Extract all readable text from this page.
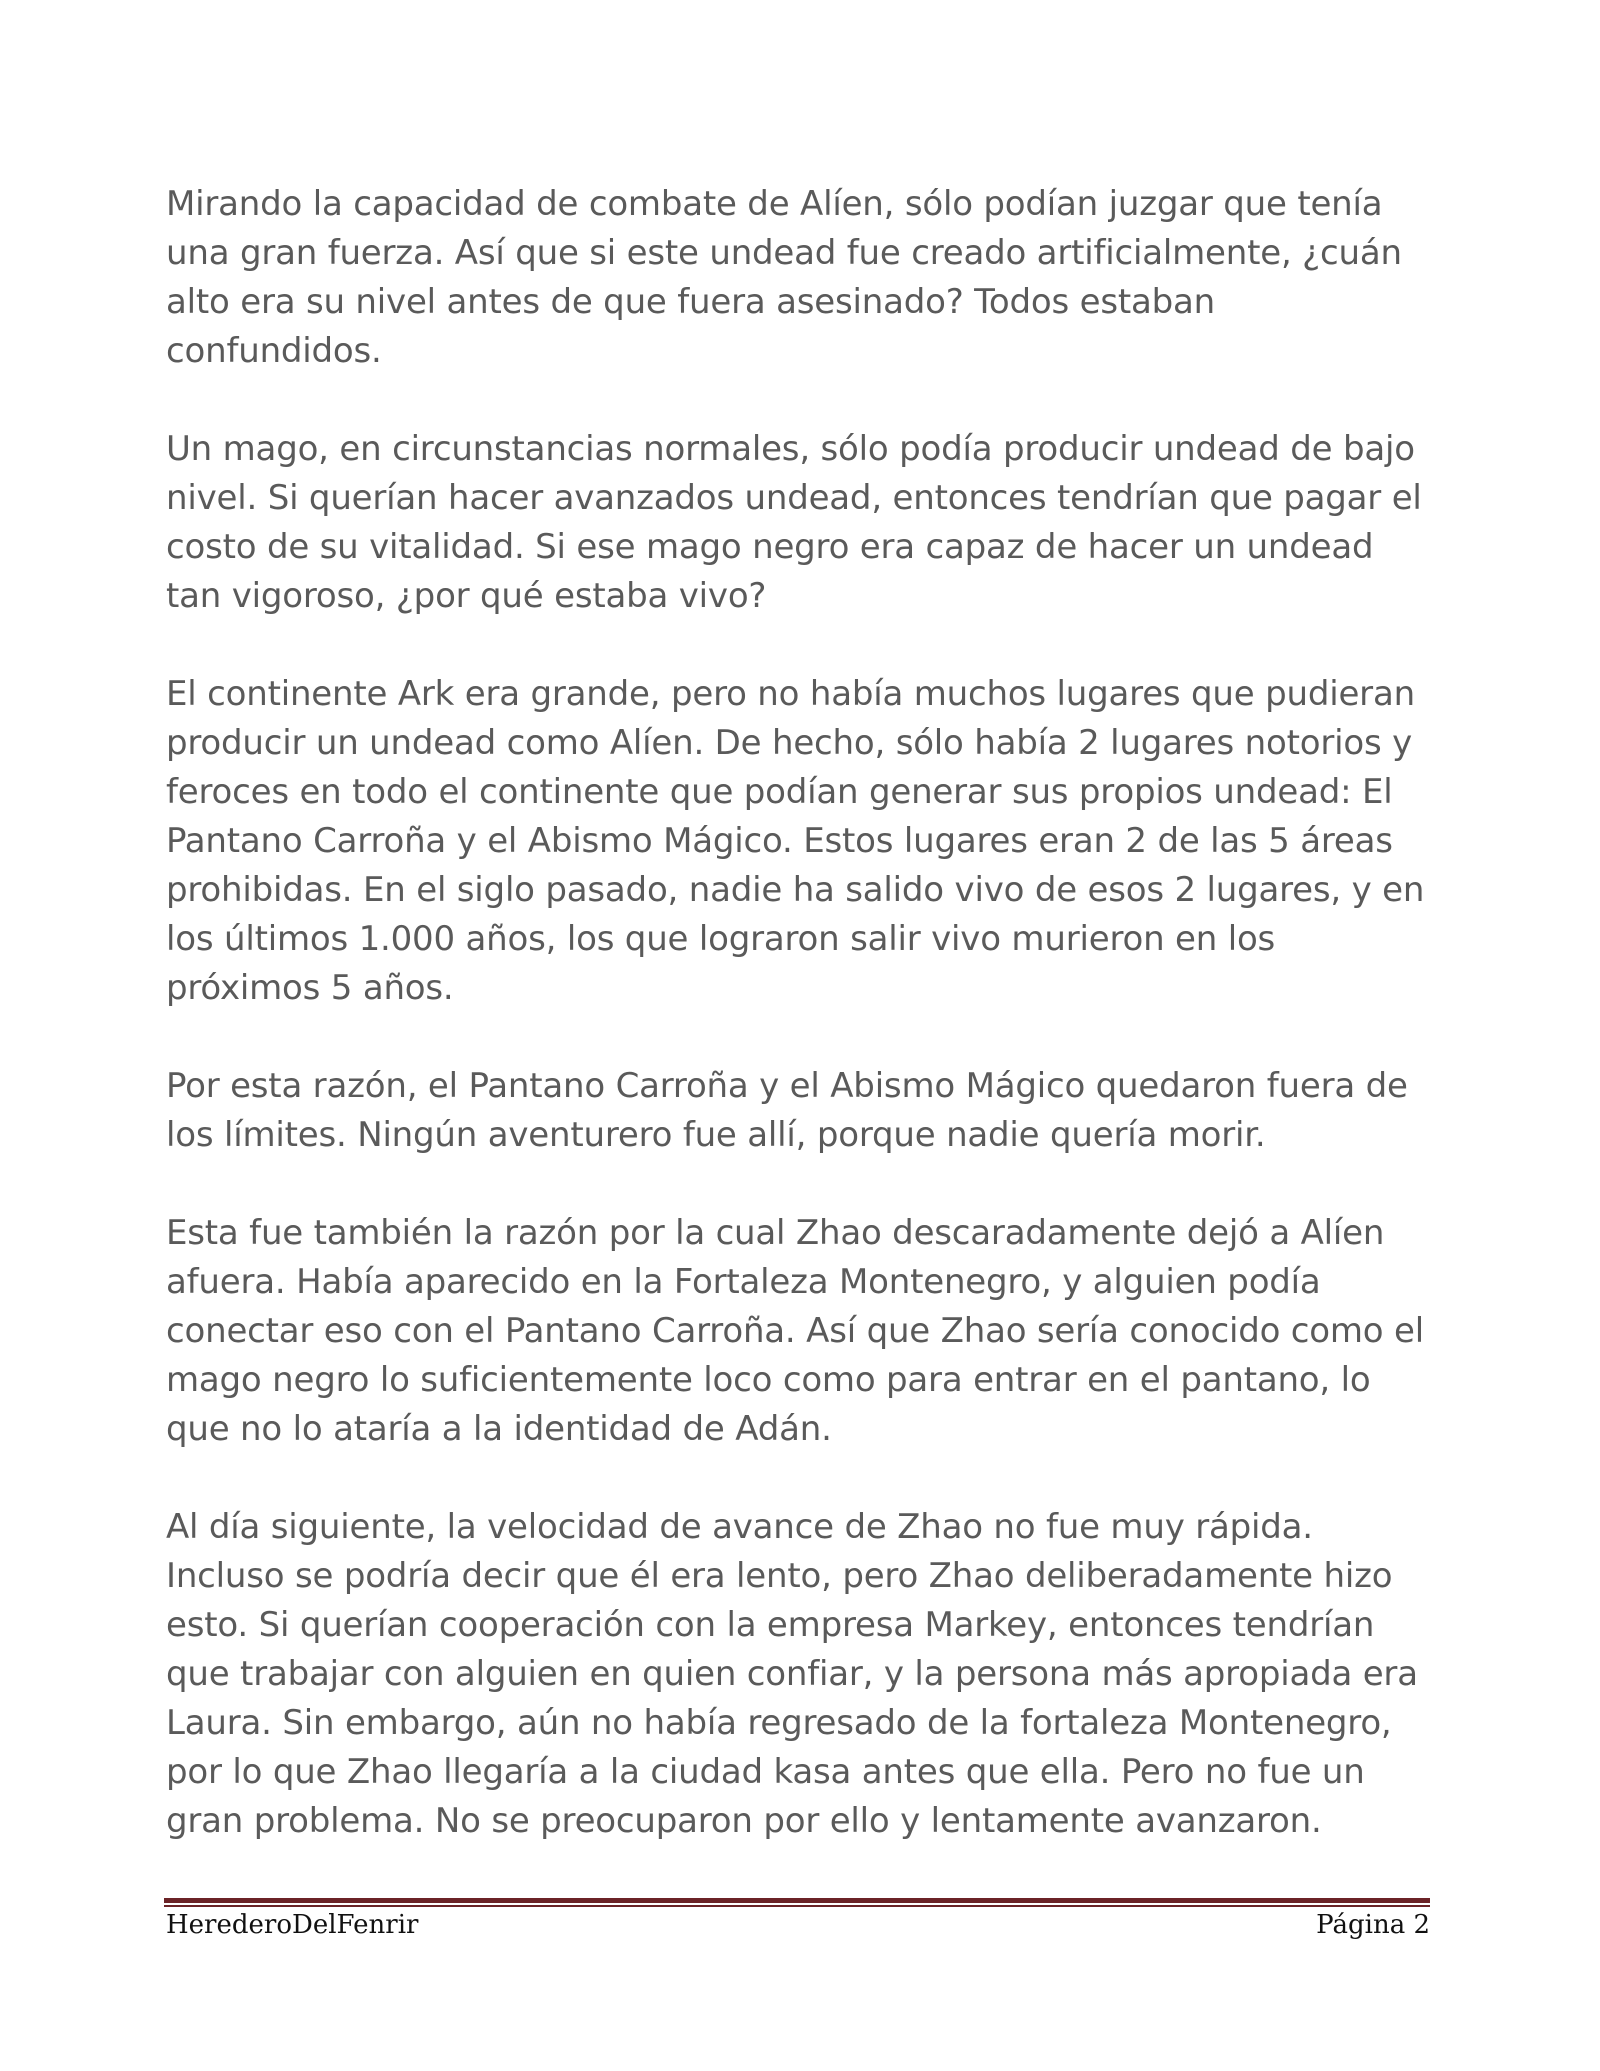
Mirando la capacidad de combate de Alíen, sólo podían juzgar que tenía una gran fuerza. Así que si este undead fue creado artificialmente, ¿cuán alto era su nivel antes de que fuera asesinado? Todos estaban confundidos.

Un mago, en circunstancias normales, sólo podía producir undead de bajo nivel. Si querían hacer avanzados undead, entonces tendrían que pagar el costo de su vitalidad. Si ese mago negro era capaz de hacer un undead tan vigoroso, ¿por qué estaba vivo?

El continente Ark era grande, pero no había muchos lugares que pudieran producir un undead como Alíen. De hecho, sólo había 2 lugares notorios y feroces en todo el continente que podían generar sus propios undead: El Pantano Carroña y el Abismo Mágico. Estos lugares eran 2 de las 5 áreas prohibidas. En el siglo pasado, nadie ha salido vivo de esos 2 lugares, y en los últimos 1.000 años, los que lograron salir vivo murieron en los próximos 5 años.

Por esta razón, el Pantano Carroña y el Abismo Mágico quedaron fuera de los límites. Ningún aventurero fue allí, porque nadie quería morir.

Esta fue también la razón por la cual Zhao descaradamente dejó a Alíen afuera. Había aparecido en la Fortaleza Montenegro, y alguien podía conectar eso con el Pantano Carroña. Así que Zhao sería conocido como el mago negro lo suficientemente loco como para entrar en el pantano, lo que no lo ataría a la identidad de Adán.

Al día siguiente, la velocidad de avance de Zhao no fue muy rápida. Incluso se podría decir que él era lento, pero Zhao deliberadamente hizo esto. Si querían cooperación con la empresa Markey, entonces tendrían que trabajar con alguien en quien confiar, y la persona más apropiada era Laura. Sin embargo, aún no había regresado de la fortaleza Montenegro, por lo que Zhao llegaría a la ciudad kasa antes que ella. Pero no fue un gran problema. No se preocuparon por ello y lentamente avanzaron.

HerederoDelFenrir	Página 2
